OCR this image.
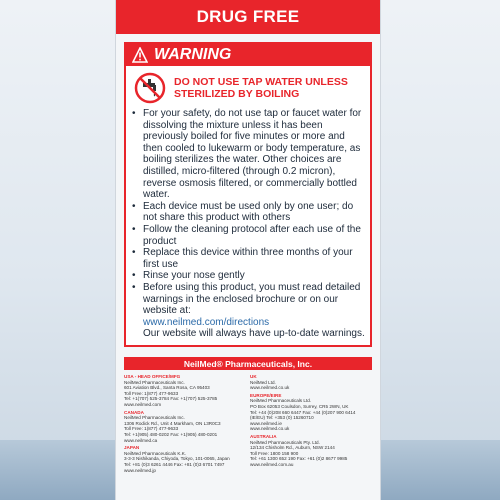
DRUG FREE
WARNING
DO NOT USE TAP WATER UNLESS STERILIZED BY BOILING
• For your safety, do not use tap or faucet water for dissolving the mixture unless it has been previously boiled for five minutes or more and then cooled to lukewarm or body temperature, as boiling sterilizes the water. Other choices are distilled, micro-filtered (through 0.2 micron), reverse osmosis filtered, or commercially bottled water.
• Each device must be used only by one user; do not share this product with others
• Follow the cleaning protocol after each use of the product
• Replace this device within three months of your first use
• Rinse your nose gently
• Before using this product, you must read detailed warnings in the enclosed brochure or on our website at:
www.neilmed.com/directions
Our website will always have up-to-date warnings.
NeilMed® Pharmaceuticals, Inc.
USA - HEAD OFFICE/MFG
NeilMed Pharmaceuticals Inc.
601 Aviation Blvd., Santa Rosa, CA 95403
Toll Free: 1(877) 477-9633
Tel: +1(707) 525-3784 Fax: +1(707) 525-3785
www.neilmed.com
CANADA
NeilMed Pharmaceuticals Inc.
1306 Rodick Rd., Unit 4 Markham, ON L3R0C3
Toll Free: 1(877) 477-9633
Tel: +1(905) 480-0202 Fax: +1(905) 480-0201
www.neilmed.ca
JAPAN
NeilMed Pharmaceuticals K.K.
3-3-3 Nishikanda, Chiyoda, Tokyo, 101-0065, Japan
Tel: +81 (0)3 6261 4446 Fax: +81 (0)3 6701 7497
www.neilmed.jp
UK
NeilMed Ltd.
www.neilmed.co.uk
EUROPE/EIRE
NeilMed Pharmaceuticals Ltd.
PO Box 62053 Coulsdon, Surrey, CR5 2WN, UK
Tel: +44 (0)208 660 6447 Fax: +44 (0)207 900 6414
(IE/EU) Tel: +353 (0) 15260710
www.neilmed.ie
www.neilmed.co.uk
AUSTRALIA
NeilMed Pharmaceuticals Pty. Ltd.
12/134 Chisholm Rd., Auburn, NSW 2144
Toll Free: 1800 158 900
Tel: +61 1300 652 190 Fax: +61 (0)2 8677 9985
www.neilmed.com.au
